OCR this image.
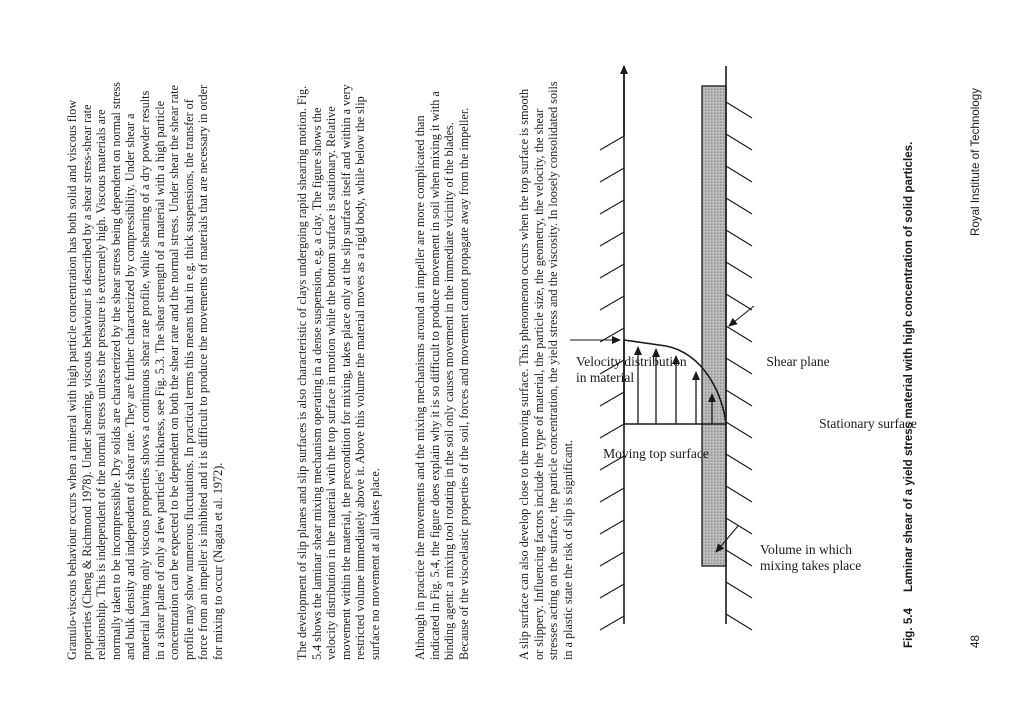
Granulo-viscous behaviour occurs when a mineral with high particle concentration has both solid and viscous flow properties (Cheng & Richmond 1978). Under shearing, viscous behaviour is described by a shear stress-shear rate relationship. This is independent of the normal stress unless the pressure is extremely high. Viscous materials are normally taken to be incompressible. Dry solids are characterized by the shear stress being dependent on normal stress and bulk density and independent of shear rate. They are further characterized by compressibility. Under shear a material having only viscous properties shows a continuous shear rate profile, while shearing of a dry powder results in a shear plane of only a few particles' thickness, see Fig. 5.3. The shear strength of a material with a high particle concentration can be expected to be dependent on both the shear rate and the normal stress. Under shear the shear rate profile may show numerous fluctuations. In practical terms this means that in e.g. thick suspensions, the transfer of force from an impeller is inhibited and it is difficult to produce the movements of materials that are necessary in order for mixing to occur (Nagata et al. 1972).	The development of slip planes and slip surfaces is also characteristic of clays undergoing rapid shearing motion. Fig. 5.4 shows the laminar shear mixing mechanism operating in a dense suspension, e.g. a clay. The figure shows the velocity distribution in the material with the top surface in motion while the bottom surface is stationary. Relative movement within the material, the precondition for mixing, takes place only at the slip surface itself and within a very restricted volume immediately above it. Above this volume the material moves as a rigid body, while below the slip surface no movement at all takes place.	Although in practice the movements and the mixing mechanisms around an impeller are more complicated than indicated in Fig. 5.4, the figure does explain why it is so difficult to produce movement in soil when mixing it with a binding agent: a mixing tool rotating in the soil only causes movement in the immediate vicinity of the blades. Because of the viscoelastic properties of the soil, forces and movement cannot propagate away from the impeller.	A slip surface can also develop close to the moving surface. This phenomenon occurs when the top surface is smooth or slippery. Influencing factors include the type of material, the particle size, the geometry, the velocity, the shear stresses acting on the surface, the particle concentration, the yield stress and the viscosity. In loosely consolidated soils in a plastic state the risk of slip is significant. Moving top surface
Velocity distribution in material
Shear plane
Stationary surface
Volume in which mixing takes place
Fig. 5.4Laminar shear of a yield stress material with high concentration of solid particles.
48
Royal Institute of Technology
